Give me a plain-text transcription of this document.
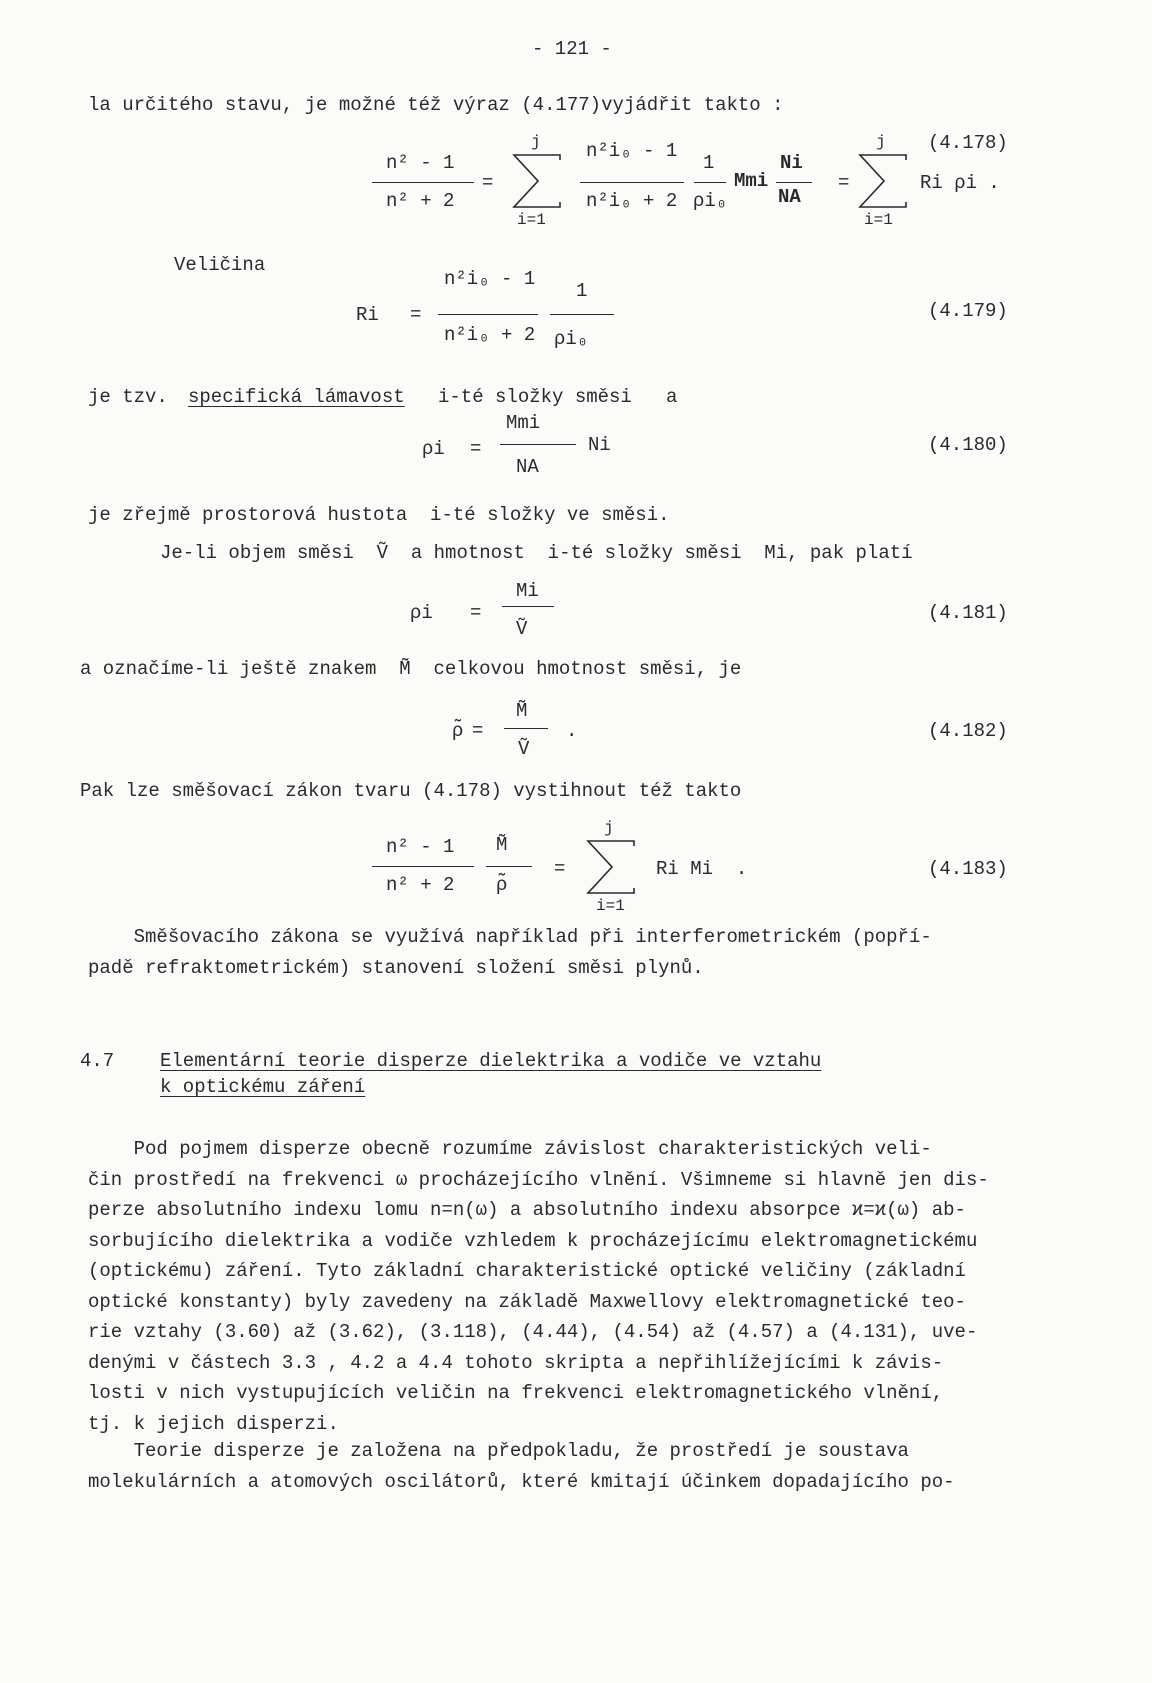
- 121 -
la určitého stavu, je možné též výraz (4.177)vyjádřit takto :
n² - 1
n² + 2
=
j
i=1
n²i₀ - 1
n²i₀ + 2
1
ρi₀
Mmi
Ni
NA
=
j
i=1
Ri ρi .
(4.178)
Veličina
Ri =
n²i₀ - 1
n²i₀ + 2
1
ρi₀
(4.179)
je tzv. specifická lámavost i-té složky směsi   a
ρi =
Mmi
NA
Ni	(4.180)
je zřejmě prostorová hustota  i-té složky ve směsi.
Je-li objem směsi  Ṽ  a hmotnost  i-té složky směsi  Mi, pak platí
ρi =
Mi
Ṽ
(4.181)
a označíme-li ještě znakem  M̃  celkovou hmotnost směsi, je
ρ̃ =
M̃
Ṽ
.	(4.182)
Pak lze směšovací zákon tvaru (4.178) vystihnout též takto
n² - 1
n² + 2
M̃
ρ̃
=
j
i=1
Ri Mi  .	(4.183)
Směšovacího zákona se využívá například při interferometrickém (popří-
padě refraktometrickém) stanovení složení směsi plynů.
4.7 Elementární teorie disperze dielektrika a vodiče ve vztahu
k optickému záření
Pod pojmem disperze obecně rozumíme závislost charakteristických veli-
čin prostředí na frekvenci ω procházejícího vlnění. Všimneme si hlavně jen dis-
perze absolutního indexu lomu n=n(ω) a absolutního indexu absorpce ϰ=ϰ(ω) ab-
sorbujícího dielektrika a vodiče vzhledem k procházejícímu elektromagnetickému
(optickému) záření. Tyto základní charakteristické optické veličiny (základní
optické konstanty) byly zavedeny na základě Maxwellovy elektromagnetické teo-
rie vztahy (3.60) až (3.62), (3.118), (4.44), (4.54) až (4.57) a (4.131), uve-
denými v částech 3.3 , 4.2 a 4.4 tohoto skripta a nepřihlížejícími k závis-
losti v nich vystupujících veličin na frekvenci elektromagnetického vlnění,
tj. k jejich disperzi.
Teorie disperze je založena na předpokladu, že prostředí je soustava
molekulárních a atomových oscilátorů, které kmitají účinkem dopadajícího po-
